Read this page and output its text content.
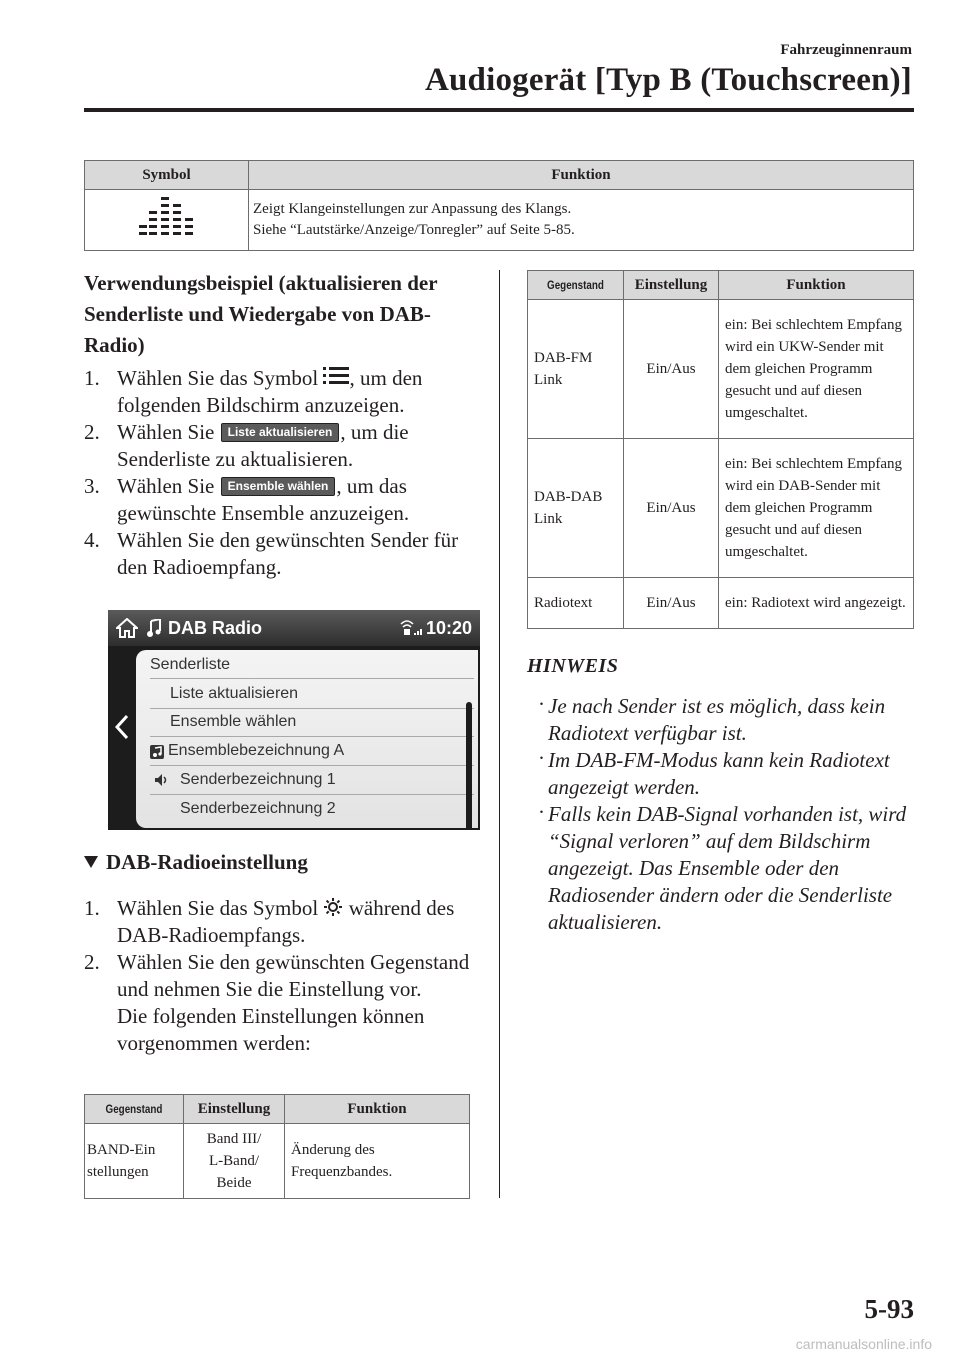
Fahrzeuginnenraum
Audiogerät [Typ B (Touchscreen)]
Symbol	Funktion

Zeigt Klangeinstellungen zur Anpassung des Klangs.
Siehe “Lautstärke/Anzeige/Tonregler” auf Seite 5-85.
Verwendungsbeispiel (aktualisieren der Senderliste und Wiedergabe von DAB-Radio)
1. Wählen Sie das Symbol , um den folgenden Bildschirm anzuzeigen.
2. Wählen Sie Liste aktualisieren , um die Senderliste zu aktualisieren.
3. Wählen Sie Ensemble wählen , um das gewünschte Ensemble anzuzeigen.
4. Wählen Sie den gewünschten Sender für den Radioempfang.
DAB Radio	10:20
Senderliste
Liste aktualisieren
Ensemble wählen
Ensemblebezeichnung A
Senderbezeichnung 1
Senderbezeichnung 2
DAB-Radioeinstellung
1. Wählen Sie das Symbol  während des DAB-Radioempfangs.
2. Wählen Sie den gewünschten Gegenstand und nehmen Sie die Einstellung vor.
Die folgenden Einstellungen können vorgenommen werden:
Gegenstand	Einstellung	Funktion
BAND-Ein stellungen	Band III/ L-Band/ Beide	Änderung des Frequenzbandes.
Gegenstand	Einstellung	Funktion
DAB-FM Link	Ein/Aus	ein: Bei schlechtem Empfang wird ein UKW-Sender mit dem gleichen Programm gesucht und auf diesen umgeschaltet.
DAB-DAB Link	Ein/Aus	ein: Bei schlechtem Empfang wird ein DAB-Sender mit dem gleichen Programm gesucht und auf diesen umgeschaltet.
Radiotext	Ein/Aus	ein: Radiotext wird angezeigt.
HINWEIS
· Je nach Sender ist es möglich, dass kein Radiotext verfügbar ist.
· Im DAB-FM-Modus kann kein Radiotext angezeigt werden.
· Falls kein DAB-Signal vorhanden ist, wird “Signal verloren” auf dem Bildschirm angezeigt. Das Ensemble oder den Radiosender ändern oder die Senderliste aktualisieren.
5-93
carmanualsonline.info
